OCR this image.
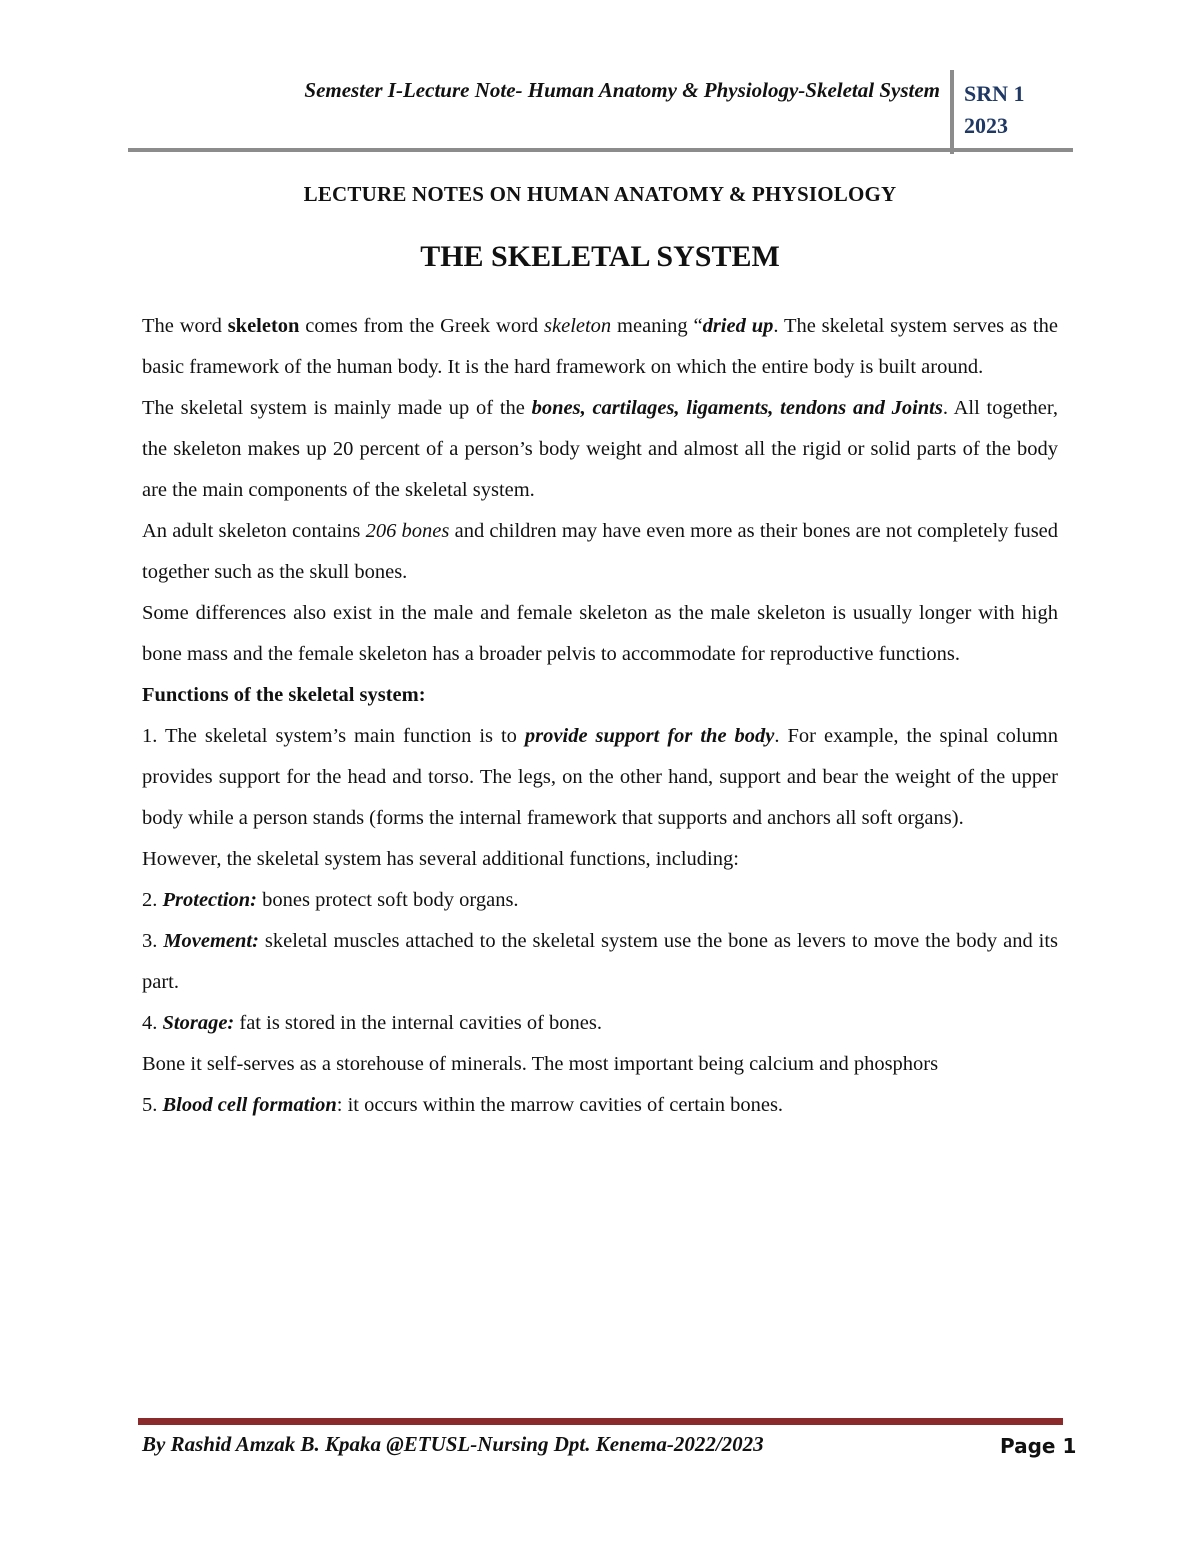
Semester I-Lecture Note- Human Anatomy & Physiology-Skeletal System SRN 1
2023
LECTURE NOTES ON HUMAN ANATOMY & PHYSIOLOGY
THE SKELETAL SYSTEM

The word skeleton comes from the Greek word skeleton meaning “dried up. The skeletal system serves as the basic framework of the human body. It is the hard framework on which the entire body is built around.

The skeletal system is mainly made up of the bones, cartilages, ligaments, tendons and Joints. All together, the skeleton makes up 20 percent of a person’s body weight and almost all the rigid or solid parts of the body are the main components of the skeletal system.

An adult skeleton contains 206 bones and children may have even more as their bones are not completely fused together such as the skull bones.

Some differences also exist in the male and female skeleton as the male skeleton is usually longer with high bone mass and the female skeleton has a broader pelvis to accommodate for reproductive functions.

Functions of the skeletal system:

1. The skeletal system’s main function is to provide support for the body. For example, the spinal column provides support for the head and torso. The legs, on the other hand, support and bear the weight of the upper body while a person stands (forms the internal framework that supports and anchors all soft organs).

However, the skeletal system has several additional functions, including:

2. Protection: bones protect soft body organs.

3. Movement: skeletal muscles attached to the skeletal system use the bone as levers to move the body and its part.

4. Storage: fat is stored in the internal cavities of bones.

Bone it self-serves as a storehouse of minerals. The most important being calcium and phosphors

5. Blood cell formation: it occurs within the marrow cavities of certain bones.

By Rashid Amzak B. Kpaka @ETUSL-Nursing Dpt. Kenema-2022/2023	Page 1
